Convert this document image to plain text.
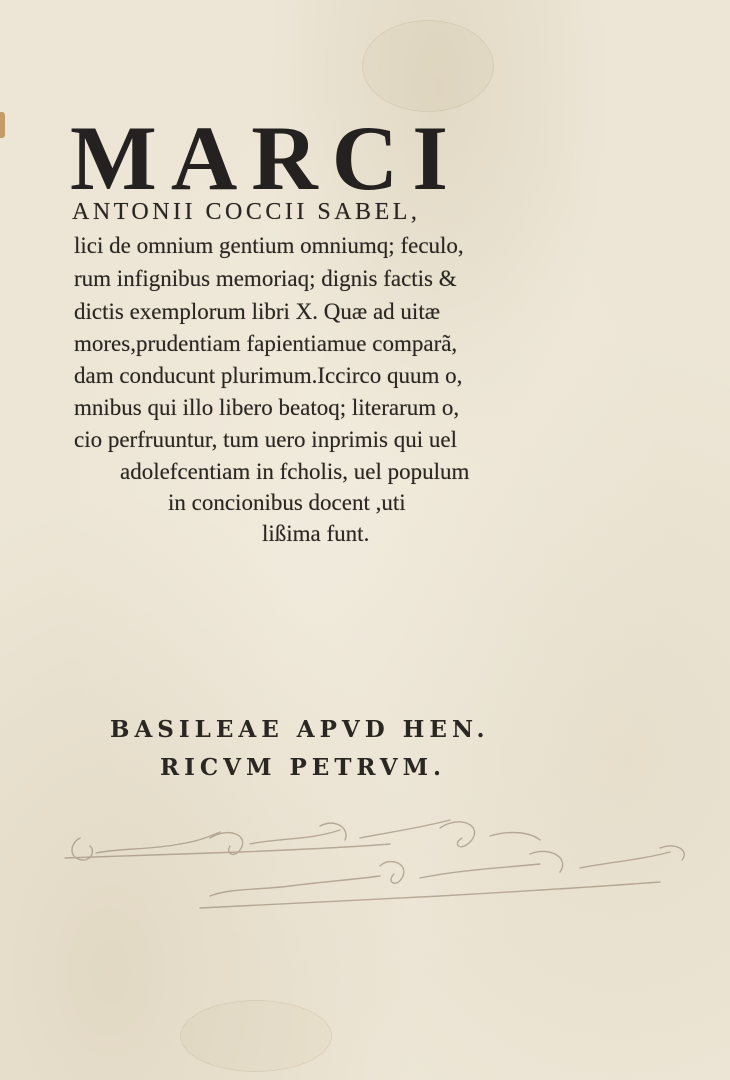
MARCI
ANTONII COCCII SABEL,
lici de omnium gentium omniumq; feculo,
rum infignibus memoriaq; dignis factis &
dictis exemplorum libri X. Quæ ad uitæ
mores,prudentiam fapientiamue comparã,
dam conducunt plurimum.Iccirco quum o,
mnibus qui illo libero beatoq; literarum o,
cio perfruuntur, tum uero inprimis qui uel
adolefcentiam in fcholis, uel populum
in concionibus docent ,uti
lißima funt.
BASILEAE APVD HEN.
RICVM PETRVM.
